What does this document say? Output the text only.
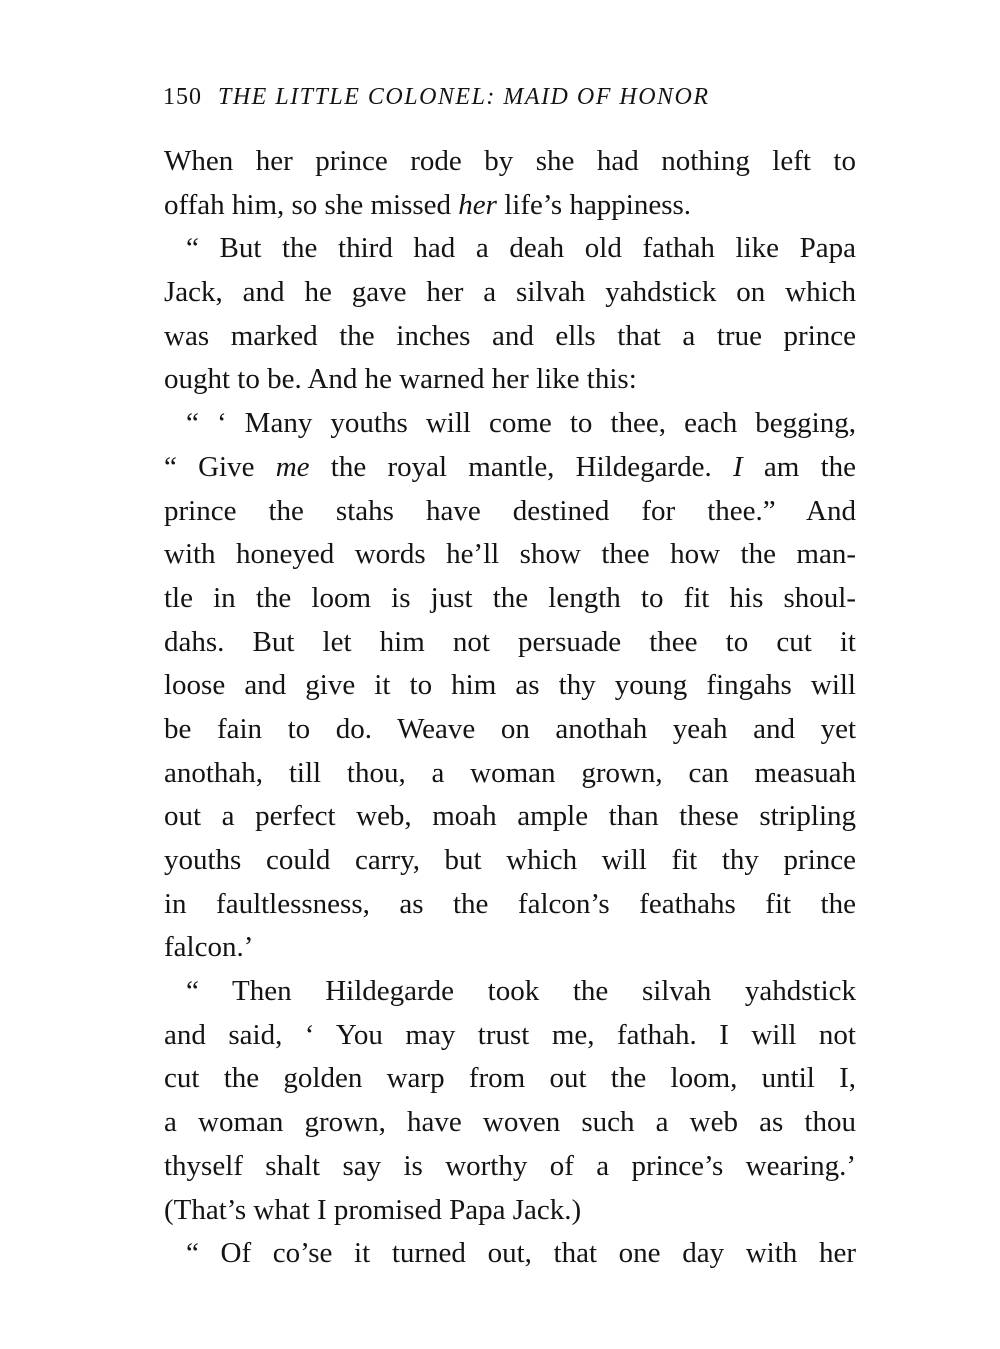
150 THE LITTLE COLONEL: MAID OF HONOR
When her prince rode by she had nothing left to
offah him, so she missed her life’s happiness.
“ But the third had a deah old fathah like Papa
Jack, and he gave her a silvah yahdstick on which
was marked the inches and ells that a true prince
ought to be. And he warned her like this:
“ ‘ Many youths will come to thee, each begging,
“ Give me the royal mantle, Hildegarde. I am the
prince the stahs have destined for thee.” And
with honeyed words he’ll show thee how the man-
tle in the loom is just the length to fit his shoul-
dahs. But let him not persuade thee to cut it
loose and give it to him as thy young fingahs will
be fain to do. Weave on anothah yeah and yet
anothah, till thou, a woman grown, can measuah
out a perfect web, moah ample than these stripling
youths could carry, but which will fit thy prince
in faultlessness, as the falcon’s feathahs fit the
falcon.’
“ Then Hildegarde took the silvah yahdstick
and said, ‘ You may trust me, fathah. I will not
cut the golden warp from out the loom, until I,
a woman grown, have woven such a web as thou
thyself shalt say is worthy of a prince’s wearing.’
(That’s what I promised Papa Jack.)
“ Of co’se it turned out, that one day with her
